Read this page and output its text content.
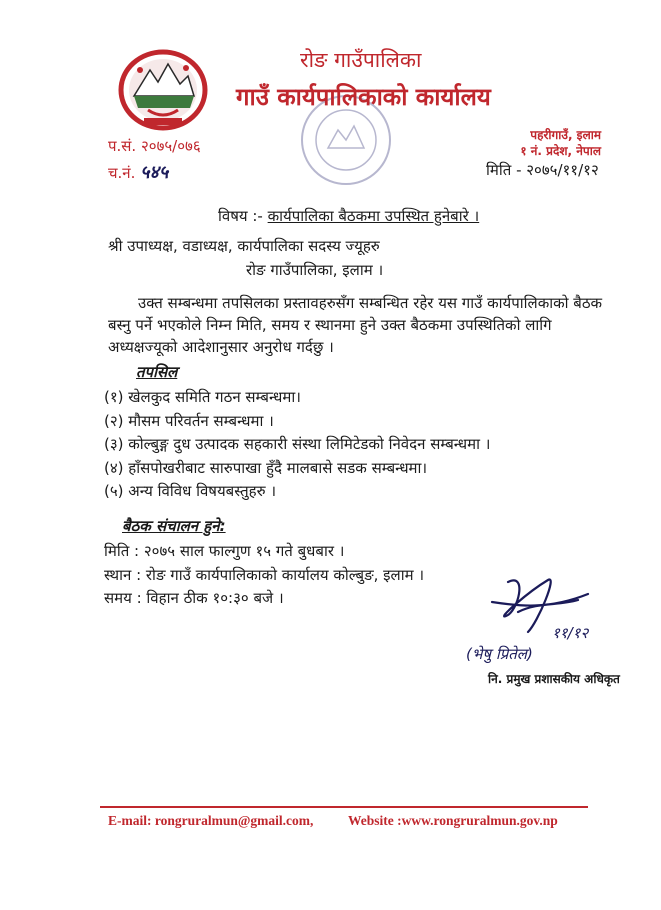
रोङ गाउँपालिका
गाउँ कार्यपालिकाको कार्यालय
प.सं. २०७५/०७६
च.नं. ५४५
पहरीगाउँ, इलाम
१ नं. प्रदेश, नेपाल
मिति - २०७५/११/१२
विषय :- कार्यपालिका बैठकमा उपस्थित हुनेबारे ।
श्री उपाध्यक्ष, वडाध्यक्ष, कार्यपालिका सदस्य ज्यूहरु
रोङ गाउँपालिका, इलाम ।

उक्त सम्बन्धमा तपसिलका प्रस्तावहरुसँग सम्बन्धित रहेर यस गाउँ कार्यपालिकाको बैठक बस्नु पर्ने भएकोले निम्न मिति, समय र स्थानमा हुने उक्त बैठकमा उपस्थितिको लागि अध्यक्षज्यूको आदेशानुसार अनुरोध गर्दछु ।

तपसिल
(१) खेलकुद समिति गठन सम्बन्धमा।
(२) मौसम परिवर्तन सम्बन्धमा ।
(३) कोल्बुङ्ग दुध उत्पादक सहकारी संस्था लिमिटेडको निवेदन सम्बन्धमा ।
(४) हाँसपोखरीबाट सारुपाखा हुँदै मालबासे सडक सम्बन्धमा।
(५) अन्य विविध विषयबस्तुहरु ।
बैठक संचालन हुने:
मिति : २०७५ साल फाल्गुण १५ गते बुधबार ।
स्थान : रोङ गाउँ कार्यपालिकाको कार्यालय कोल्बुङ, इलाम ।
समय : विहान ठीक १०:३० बजे ।
११/१२
(भेषु प्रितेल)
नि. प्रमुख प्रशासकीय अधिकृत
E-mail: rongruralmun@gmail.com,	Website :www.rongruralmun.gov.np
